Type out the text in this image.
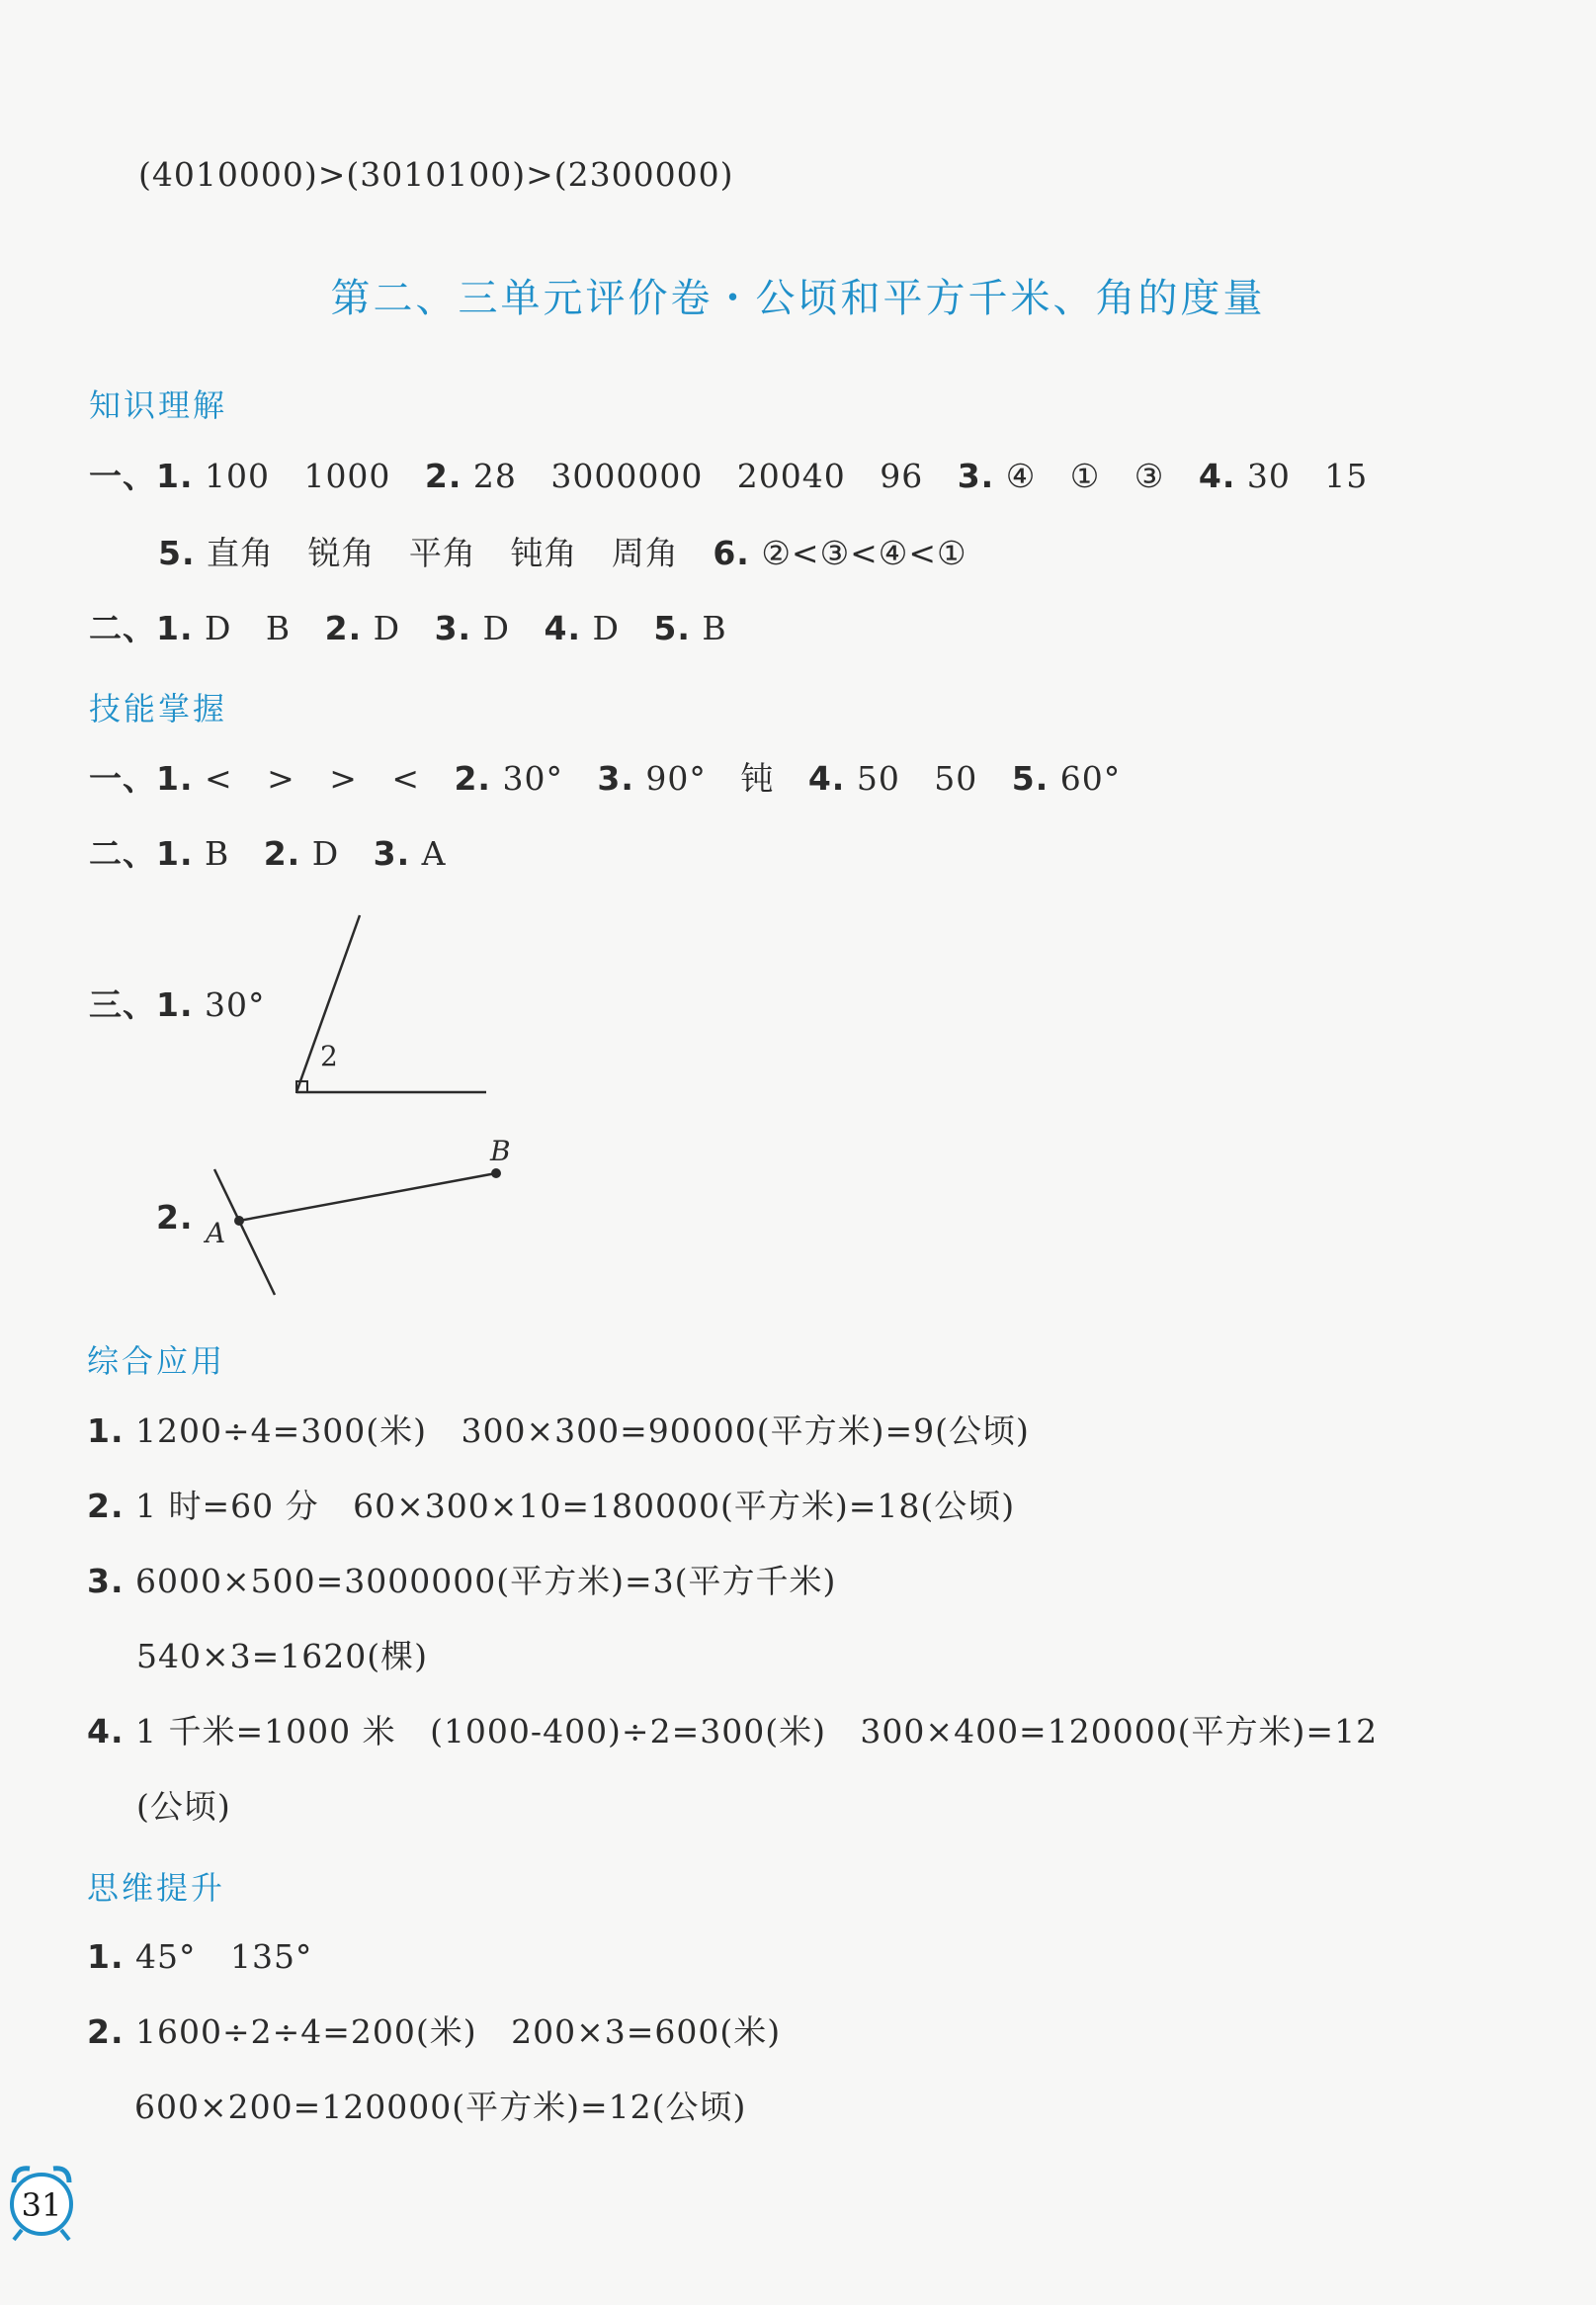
(4010000)>(3010100)>(2300000)
第二、三单元评价卷・公顷和平方千米、角的度量
知识理解
一、1. 100   1000   2. 28   3000000   20040   96   3. ④   ①   ③   4. 30   15
5. 直角   锐角   平角   钝角   周角   6. ②<③<④<①
二、1. D   B   2. D   3. D   4. D   5. B
技能掌握
一、1. <   >   >   <   2. 30°   3. 90°   钝   4. 50   50   5. 60°
二、1. B   2. D   3. A
三、1. 30°
2
2. A
B
综合应用
1. 1200÷4=300(米)   300×300=90000(平方米)=9(公顷)
2. 1 时=60 分   60×300×10=180000(平方米)=18(公顷)
3. 6000×500=3000000(平方米)=3(平方千米)
540×3=1620(棵)
4. 1 千米=1000 米   (1000-400)÷2=300(米)   300×400=120000(平方米)=12
(公顷)
思维提升
1. 45°   135°
2. 1600÷2÷4=200(米)   200×3=600(米)
600×200=120000(平方米)=12(公顷)
31
